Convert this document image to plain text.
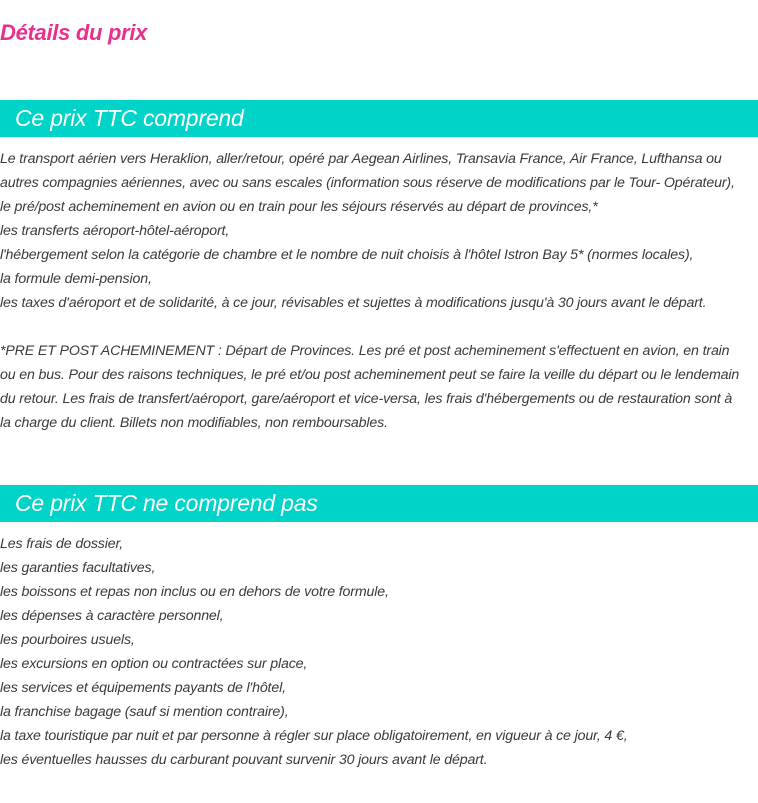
Détails du prix
Ce prix TTC comprend
Le transport aérien vers Heraklion, aller/retour, opéré par Aegean Airlines, Transavia France, Air France, Lufthansa ou
autres compagnies aériennes, avec ou sans escales (information sous réserve de modifications par le Tour- Opérateur),
le pré/post acheminement en avion ou en train pour les séjours réservés au départ de provinces,*
les transferts aéroport-hôtel-aéroport,
l'hébergement selon la catégorie de chambre et le nombre de nuit choisis à l'hôtel Istron Bay 5* (normes locales),
la formule demi-pension,
les taxes d'aéroport et de solidarité, à ce jour, révisables et sujettes à modifications jusqu'à 30 jours avant le départ.
*PRE ET POST ACHEMINEMENT : Départ de Provinces. Les pré et post acheminement s'effectuent en avion, en train
ou en bus. Pour des raisons techniques, le pré et/ou post acheminement peut se faire la veille du départ ou le lendemain
du retour. Les frais de transfert/aéroport, gare/aéroport et vice-versa, les frais d'hébergements ou de restauration sont à
la charge du client. Billets non modifiables, non remboursables.
Ce prix TTC ne comprend pas
Les frais de dossier,
les garanties facultatives,
les boissons et repas non inclus ou en dehors de votre formule,
les dépenses à caractère personnel,
les pourboires usuels,
les excursions en option ou contractées sur place,
les services et équipements payants de l'hôtel,
la franchise bagage (sauf si mention contraire),
la taxe touristique par nuit et par personne à régler sur place obligatoirement, en vigueur à ce jour, 4 €,
les éventuelles hausses du carburant pouvant survenir 30 jours avant le départ.
